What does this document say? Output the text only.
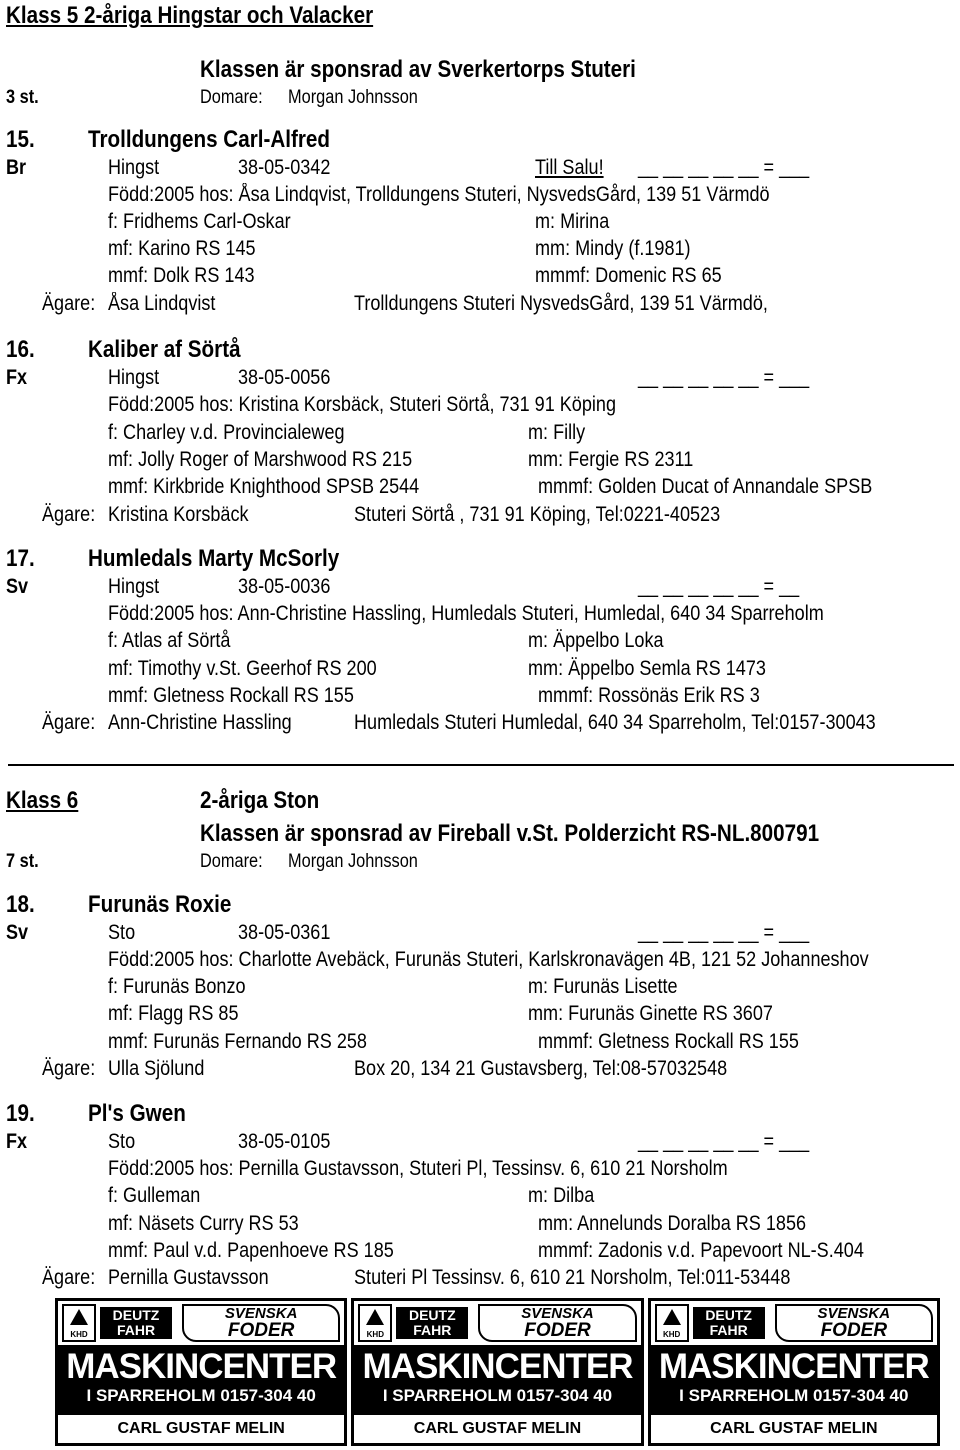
Klass 5 2-åriga Hingstar och Valacker
Klassen är sponsrad av Sverkertorps Stuteri
3 st.	Domare: Morgan Johnsson
15. Trolldungens Carl-Alfred
Br	Hingst	38-05-0342	Till Salu! __ __ __ __ __ = ___
Född:2005 hos: Åsa Lindqvist, Trolldungens Stuteri, NysvedsGård, 139 51 Värmdö
f: Fridhems Carl-Oskar	m: Mirina
mf: Karino RS 145	mm: Mindy (f.1981)
mmf: Dolk RS 143	mmmf: Domenic RS 65
Ägare: Åsa Lindqvist	Trolldungens Stuteri NysvedsGård, 139 51 Värmdö,
16. Kaliber af Sörtå
Fx	Hingst	38-05-0056	__ __ __ __ __ = ___
Född:2005 hos: Kristina Korsbäck, Stuteri Sörtå, 731 91 Köping
f: Charley v.d. Provincialeweg	m: Filly
mf: Jolly Roger of Marshwood RS 215	mm: Fergie RS 2311
mmf: Kirkbride Knighthood SPSB 2544	mmmf: Golden Ducat of Annandale SPSB
Ägare: Kristina Korsbäck	Stuteri Sörtå , 731 91 Köping, Tel:0221-40523
17. Humledals Marty McSorly
Sv	Hingst	38-05-0036	__ __ __ __ __ = __
Född:2005 hos: Ann-Christine Hassling, Humledals Stuteri, Humledal, 640 34 Sparreholm
f: Atlas af Sörtå	m: Äppelbo Loka
mf: Timothy v.St. Geerhof RS 200	mm: Äppelbo Semla RS 1473
mmf: Gletness Rockall RS 155	mmmf: Rossönäs Erik RS 3
Ägare: Ann-Christine Hassling	Humledals Stuteri Humledal, 640 34 Sparreholm, Tel:0157-30043
Klass 6	2-åriga Ston
Klassen är sponsrad av Fireball v.St. Polderzicht RS-NL.800791
7 st.	Domare: Morgan Johnsson
18. Furunäs Roxie
Sv	Sto	38-05-0361	__ __ __ __ __ = ___
Född:2005 hos: Charlotte Avebäck, Furunäs Stuteri, Karlskronavägen 4B, 121 52 Johanneshov
f: Furunäs Bonzo	m: Furunäs Lisette
mf: Flagg RS 85	mm: Furunäs Ginette RS 3607
mmf: Furunäs Fernando RS 258	mmmf: Gletness Rockall RS 155
Ägare: Ulla Sjölund	Box 20, 134 21 Gustavsberg, Tel:08-57032548
19. Pl's Gwen
Fx	Sto	38-05-0105	__ __ __ __ __ = ___
Född:2005 hos: Pernilla Gustavsson, Stuteri Pl, Tessinsv. 6, 610 21 Norsholm
f: Gulleman	m: Dilba
mf: Näsets Curry RS 53	mm: Annelunds Doralba RS 1856
mmf: Paul v.d. Papenhoeve RS 185	mmmf: Zadonis v.d. Papevoort NL-S.404
Ägare: Pernilla Gustavsson	Stuteri Pl Tessinsv. 6, 610 21 Norsholm, Tel:011-53448
KHD
DEUTZ FAHR
SVENSKA
FODER
MASKINCENTER
I SPARREHOLM 0157-304 40
CARL GUSTAF MELIN
KHD
DEUTZ FAHR
SVENSKA
FODER
MASKINCENTER
I SPARREHOLM 0157-304 40
CARL GUSTAF MELIN
KHD
DEUTZ FAHR
SVENSKA
FODER
MASKINCENTER
I SPARREHOLM 0157-304 40
CARL GUSTAF MELIN
